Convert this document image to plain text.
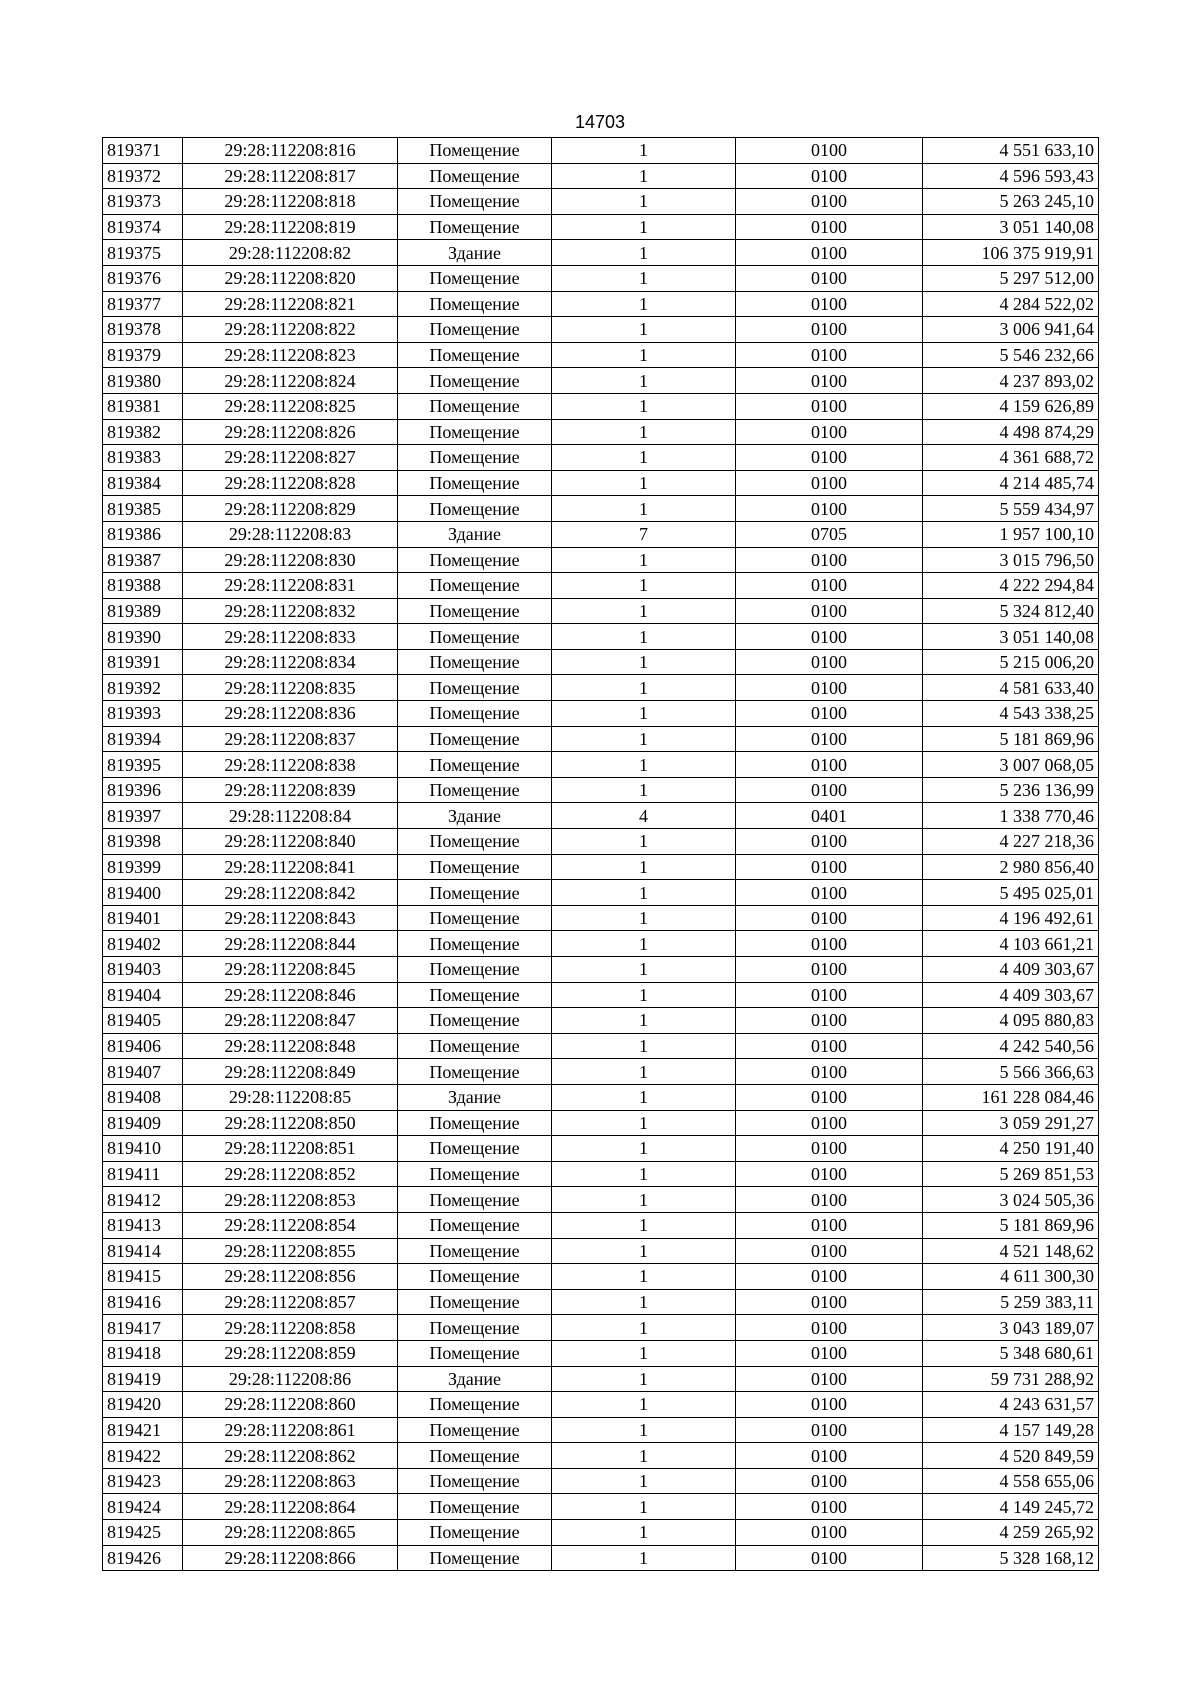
14703
819371	29:28:112208:816	Помещение	1	0100	4 551 633,10
819372	29:28:112208:817	Помещение	1	0100	4 596 593,43
819373	29:28:112208:818	Помещение	1	0100	5 263 245,10
819374	29:28:112208:819	Помещение	1	0100	3 051 140,08
819375	29:28:112208:82	Здание	1	0100	106 375 919,91
819376	29:28:112208:820	Помещение	1	0100	5 297 512,00
819377	29:28:112208:821	Помещение	1	0100	4 284 522,02
819378	29:28:112208:822	Помещение	1	0100	3 006 941,64
819379	29:28:112208:823	Помещение	1	0100	5 546 232,66
819380	29:28:112208:824	Помещение	1	0100	4 237 893,02
819381	29:28:112208:825	Помещение	1	0100	4 159 626,89
819382	29:28:112208:826	Помещение	1	0100	4 498 874,29
819383	29:28:112208:827	Помещение	1	0100	4 361 688,72
819384	29:28:112208:828	Помещение	1	0100	4 214 485,74
819385	29:28:112208:829	Помещение	1	0100	5 559 434,97
819386	29:28:112208:83	Здание	7	0705	1 957 100,10
819387	29:28:112208:830	Помещение	1	0100	3 015 796,50
819388	29:28:112208:831	Помещение	1	0100	4 222 294,84
819389	29:28:112208:832	Помещение	1	0100	5 324 812,40
819390	29:28:112208:833	Помещение	1	0100	3 051 140,08
819391	29:28:112208:834	Помещение	1	0100	5 215 006,20
819392	29:28:112208:835	Помещение	1	0100	4 581 633,40
819393	29:28:112208:836	Помещение	1	0100	4 543 338,25
819394	29:28:112208:837	Помещение	1	0100	5 181 869,96
819395	29:28:112208:838	Помещение	1	0100	3 007 068,05
819396	29:28:112208:839	Помещение	1	0100	5 236 136,99
819397	29:28:112208:84	Здание	4	0401	1 338 770,46
819398	29:28:112208:840	Помещение	1	0100	4 227 218,36
819399	29:28:112208:841	Помещение	1	0100	2 980 856,40
819400	29:28:112208:842	Помещение	1	0100	5 495 025,01
819401	29:28:112208:843	Помещение	1	0100	4 196 492,61
819402	29:28:112208:844	Помещение	1	0100	4 103 661,21
819403	29:28:112208:845	Помещение	1	0100	4 409 303,67
819404	29:28:112208:846	Помещение	1	0100	4 409 303,67
819405	29:28:112208:847	Помещение	1	0100	4 095 880,83
819406	29:28:112208:848	Помещение	1	0100	4 242 540,56
819407	29:28:112208:849	Помещение	1	0100	5 566 366,63
819408	29:28:112208:85	Здание	1	0100	161 228 084,46
819409	29:28:112208:850	Помещение	1	0100	3 059 291,27
819410	29:28:112208:851	Помещение	1	0100	4 250 191,40
819411	29:28:112208:852	Помещение	1	0100	5 269 851,53
819412	29:28:112208:853	Помещение	1	0100	3 024 505,36
819413	29:28:112208:854	Помещение	1	0100	5 181 869,96
819414	29:28:112208:855	Помещение	1	0100	4 521 148,62
819415	29:28:112208:856	Помещение	1	0100	4 611 300,30
819416	29:28:112208:857	Помещение	1	0100	5 259 383,11
819417	29:28:112208:858	Помещение	1	0100	3 043 189,07
819418	29:28:112208:859	Помещение	1	0100	5 348 680,61
819419	29:28:112208:86	Здание	1	0100	59 731 288,92
819420	29:28:112208:860	Помещение	1	0100	4 243 631,57
819421	29:28:112208:861	Помещение	1	0100	4 157 149,28
819422	29:28:112208:862	Помещение	1	0100	4 520 849,59
819423	29:28:112208:863	Помещение	1	0100	4 558 655,06
819424	29:28:112208:864	Помещение	1	0100	4 149 245,72
819425	29:28:112208:865	Помещение	1	0100	4 259 265,92
819426	29:28:112208:866	Помещение	1	0100	5 328 168,12
